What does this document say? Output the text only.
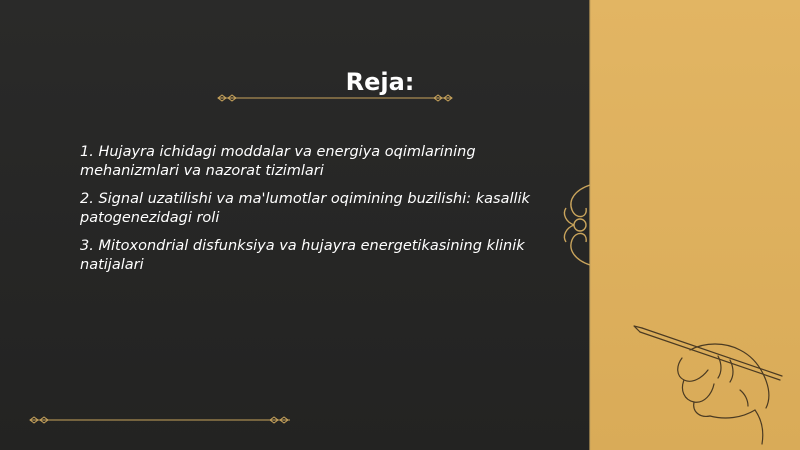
Reja:
1. Hujayra ichidagi moddalar va energiya oqimlarining mehanizmlari va nazorat tizimlari
2. Signal uzatilishi va ma'lumotlar oqimining buzilishi: kasallik patogenezidagi roli
3. Mitoxondrial disfunksiya va hujayra energetikasining klinik natijalari
